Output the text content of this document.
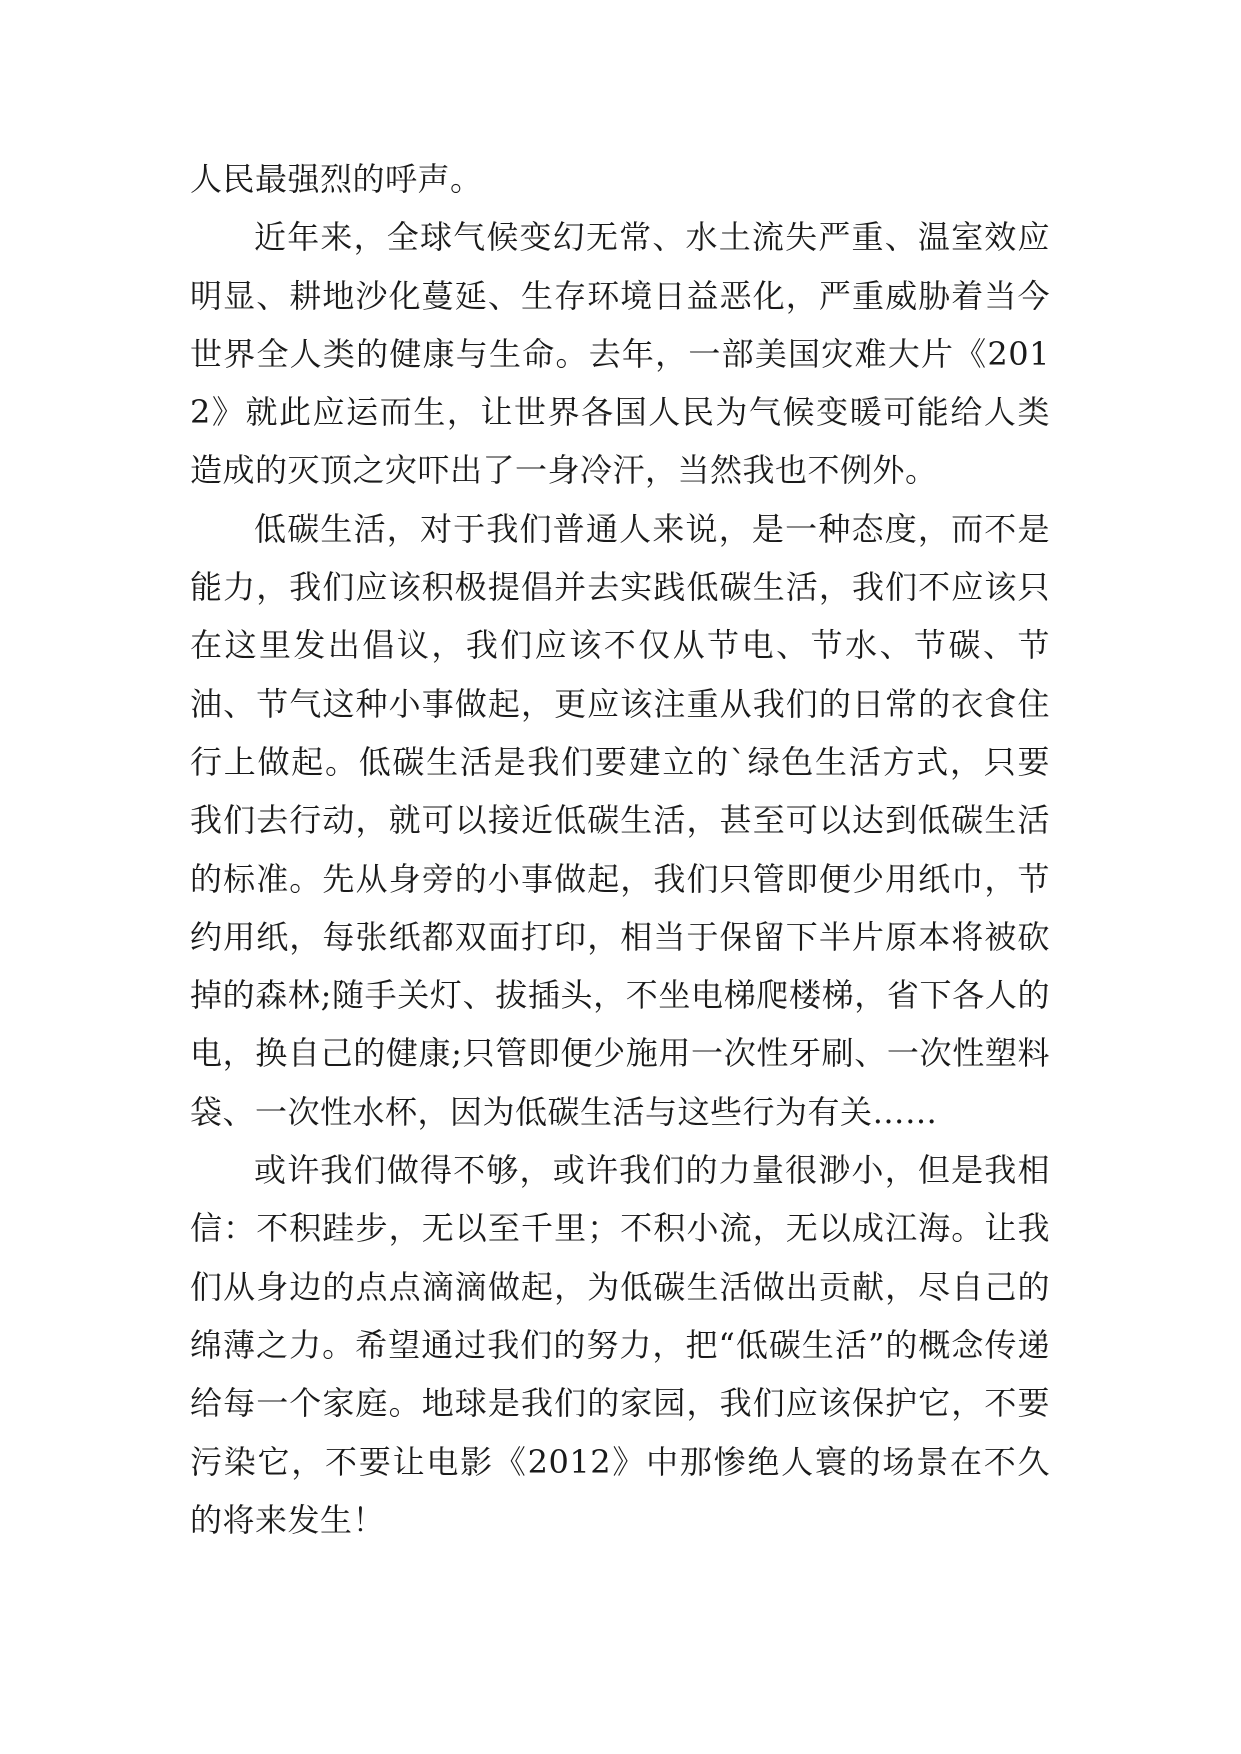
人民最强烈的呼声。

近年来，全球气候变幻无常、水土流失严重、温室效应明显、耕地沙化蔓延、生存环境日益恶化，严重威胁着当今世界全人类的健康与生命。去年，一部美国灾难大片《2012》就此应运而生，让世界各国人民为气候变暖可能给人类造成的灭顶之灾吓出了一身冷汗，当然我也不例外。

低碳生活，对于我们普通人来说，是一种态度，而不是能力，我们应该积极提倡并去实践低碳生活，我们不应该只在这里发出倡议，我们应该不仅从节电、节水、节碳、节油、节气这种小事做起，更应该注重从我们的日常的衣食住行上做起。低碳生活是我们要建立的`绿色生活方式，只要我们去行动，就可以接近低碳生活，甚至可以达到低碳生活的标准。先从身旁的小事做起，我们只管即便少用纸巾，节约用纸，每张纸都双面打印，相当于保留下半片原本将被砍掉的森林;随手关灯、拔插头，不坐电梯爬楼梯，省下各人的电，换自己的健康;只管即便少施用一次性牙刷、一次性塑料袋、一次性水杯，因为低碳生活与这些行为有关……

或许我们做得不够，或许我们的力量很渺小，但是我相信：不积跬步，无以至千里；不积小流，无以成江海。让我们从身边的点点滴滴做起，为低碳生活做出贡献，尽自己的绵薄之力。希望通过我们的努力，把“低碳生活”的概念传递给每一个家庭。地球是我们的家园，我们应该保护它，不要污染它，不要让电影《2012》中那惨绝人寰的场景在不久的将来发生！
